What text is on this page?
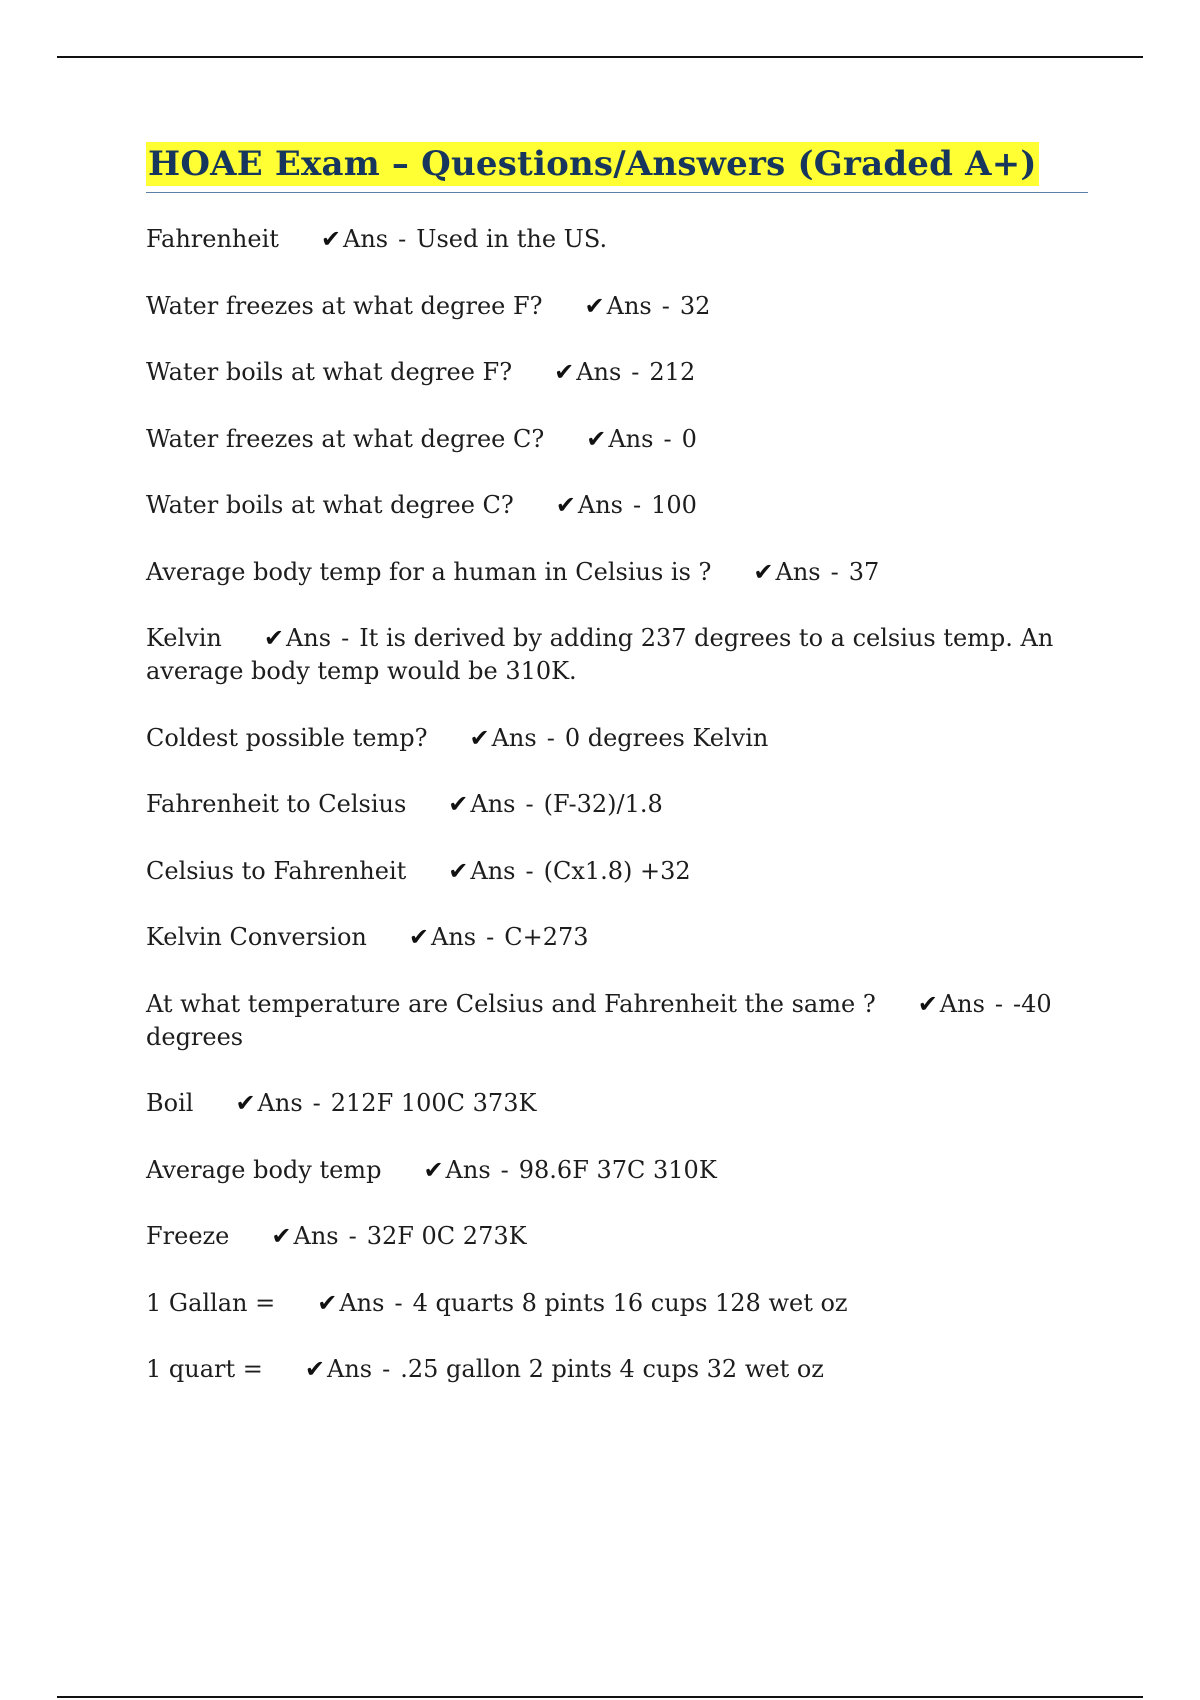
HOAE Exam – Questions/Answers (Graded A+)
Fahrenheit ✔Ans - Used in the US.
Water freezes at what degree F? ✔Ans - 32
Water boils at what degree F? ✔Ans - 212
Water freezes at what degree C? ✔Ans - 0
Water boils at what degree C? ✔Ans - 100
Average body temp for a human in Celsius is ? ✔Ans - 37
Kelvin ✔Ans - It is derived by adding 237 degrees to a celsius temp. An average body temp would be 310K.
Coldest possible temp? ✔Ans - 0 degrees Kelvin
Fahrenheit to Celsius ✔Ans - (F-32)/1.8
Celsius to Fahrenheit ✔Ans - (Cx1.8) +32
Kelvin Conversion ✔Ans - C+273
At what temperature are Celsius and Fahrenheit the same ? ✔Ans - -40 degrees
Boil ✔Ans - 212F 100C 373K
Average body temp ✔Ans - 98.6F 37C 310K
Freeze ✔Ans - 32F 0C 273K
1 Gallan = ✔Ans - 4 quarts 8 pints 16 cups 128 wet oz
1 quart = ✔Ans - .25 gallon 2 pints 4 cups 32 wet oz
